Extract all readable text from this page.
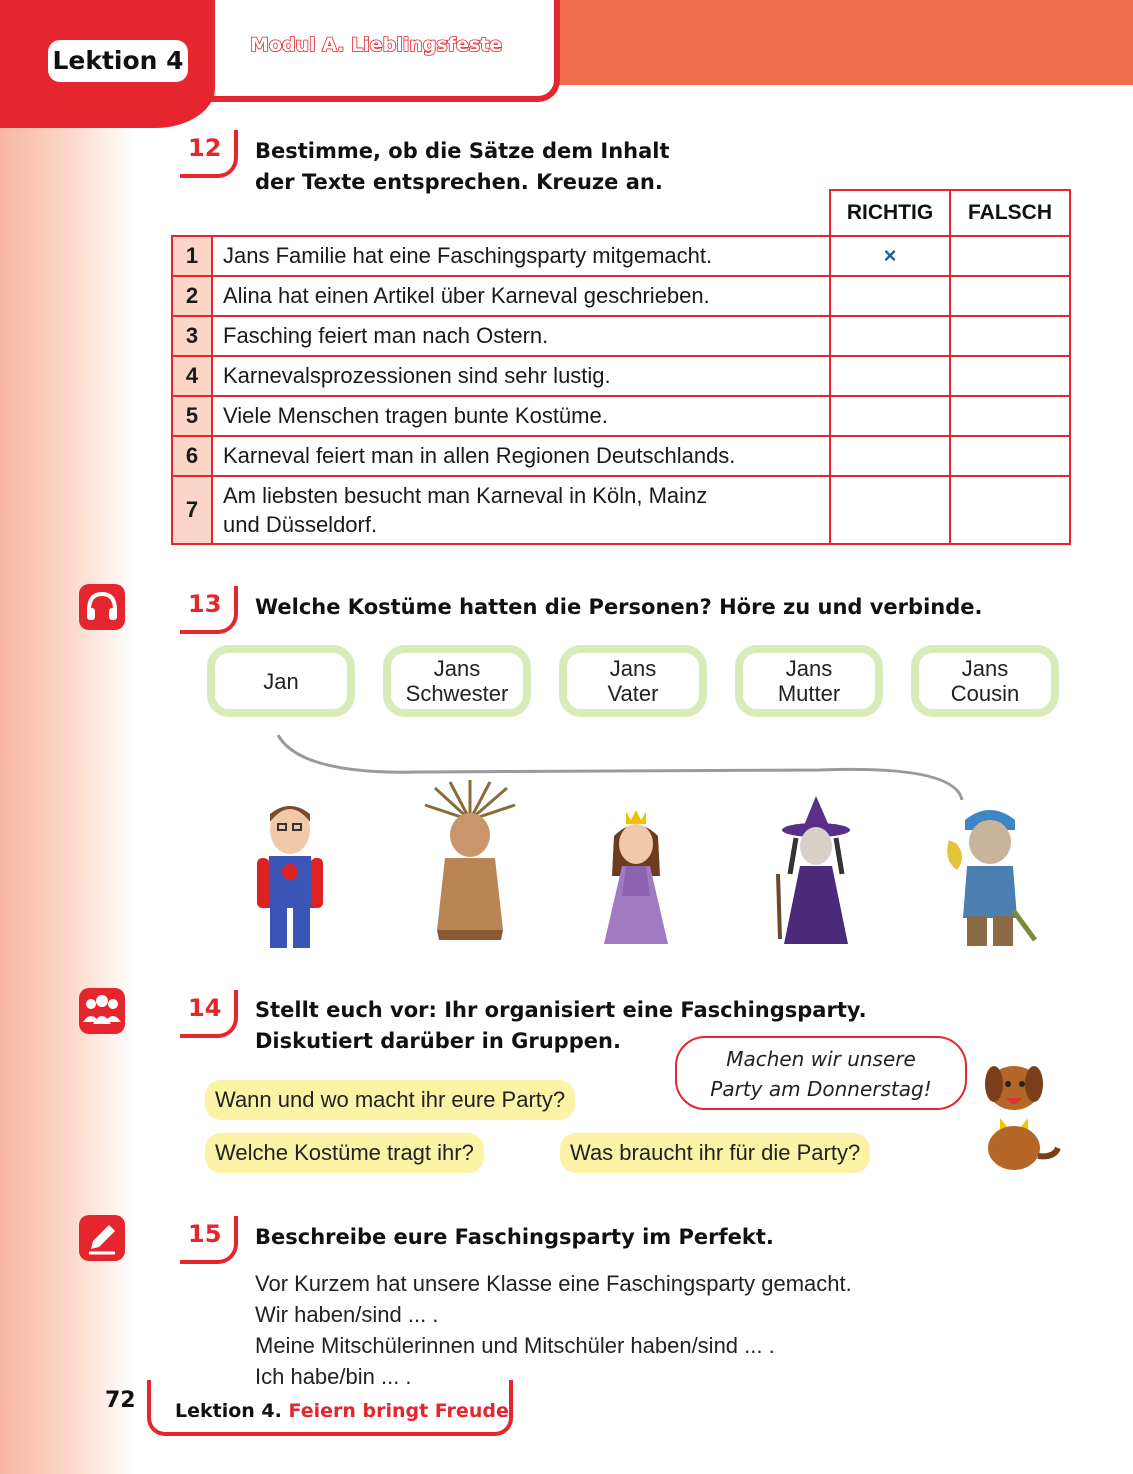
Lektion 4
Modul A. Lieblingsfeste
12 Bestimme, ob die Sätze dem Inhalt
der Texte entsprechen. Kreuze an.
		RICHTIG	FALSCH
1	Jans Familie hat eine Faschingsparty mitgemacht.	×	
2	Alina hat einen Artikel über Karneval geschrieben.		
3	Fasching feiert man nach Ostern.		
4	Karnevalsprozessionen sind sehr lustig.		
5	Viele Menschen tragen bunte Kostüme.		
6	Karneval feiert man in allen Regionen Deutschlands.		
7	Am liebsten besucht man Karneval in Köln, Mainz
und Düsseldorf.		

13 Welche Kostüme hatten die Personen? Höre zu und verbinde.
Jan	Jans
Schwester
Jans
Vater
Jans
Mutter
Jans
Cousin
14 Stellt euch vor: Ihr organisiert eine Faschingsparty.
Diskutiert darüber in Gruppen.
Machen wir unsere
Party am Donnerstag!
Wann und wo macht ihr eure Party?
Welche Kostüme tragt ihr?	Was braucht ihr für die Party?
15 Beschreibe eure Faschingsparty im Perfekt.
Vor Kurzem hat unsere Klasse eine Faschingsparty gemacht.
Wir haben/sind ... .
Meine Mitschülerinnen und Mitschüler haben/sind ... .
Ich habe/bin ... .
72 Lektion 4. Feiern bringt Freude
